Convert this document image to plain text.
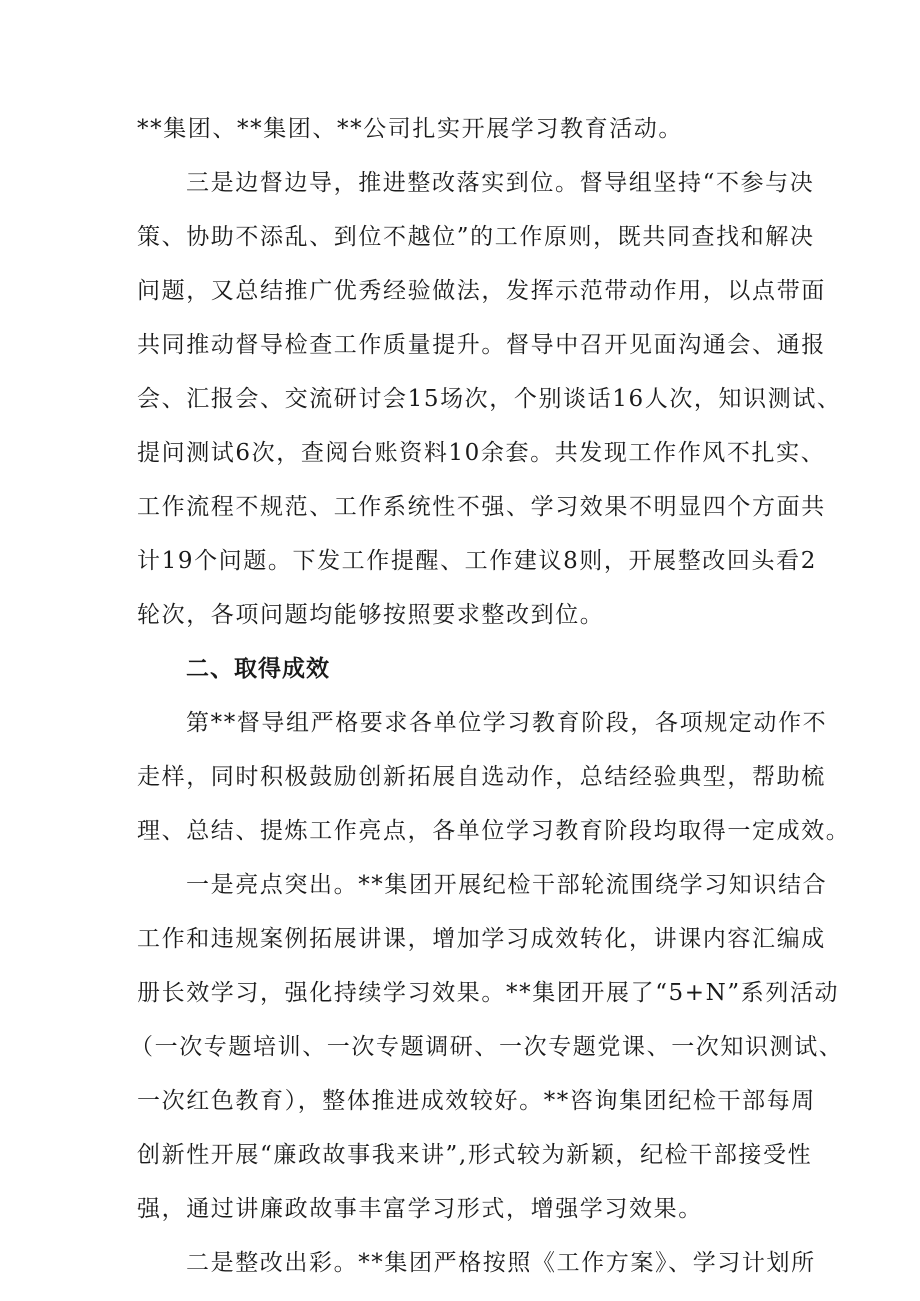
**集团、**集团、**公司扎实开展学习教育活动。
三是边督边导，推进整改落实到位。督导组坚持“不参与决
策、协助不添乱、到位不越位”的工作原则，既共同查找和解决
问题，又总结推广优秀经验做法，发挥示范带动作用，以点带面
共同推动督导检查工作质量提升。督导中召开见面沟通会、通报
会、汇报会、交流研讨会15场次，个别谈话16人次，知识测试、
提问测试6次，查阅台账资料10余套。共发现工作作风不扎实、
工作流程不规范、工作系统性不强、学习效果不明显四个方面共
计19个问题。下发工作提醒、工作建议8则，开展整改回头看2
轮次，各项问题均能够按照要求整改到位。
二、取得成效
第**督导组严格要求各单位学习教育阶段，各项规定动作不
走样，同时积极鼓励创新拓展自选动作，总结经验典型，帮助梳
理、总结、提炼工作亮点，各单位学习教育阶段均取得一定成效。
一是亮点突出。**集团开展纪检干部轮流围绕学习知识结合
工作和违规案例拓展讲课，增加学习成效转化，讲课内容汇编成
册长效学习，强化持续学习效果。**集团开展了“5+N”系列活动
（一次专题培训、一次专题调研、一次专题党课、一次知识测试、
一次红色教育），整体推进成效较好。**咨询集团纪检干部每周
创新性开展“廉政故事我来讲”,形式较为新颖，纪检干部接受性
强，通过讲廉政故事丰富学习形式，增强学习效果。
二是整改出彩。**集团严格按照《工作方案》、学习计划所
